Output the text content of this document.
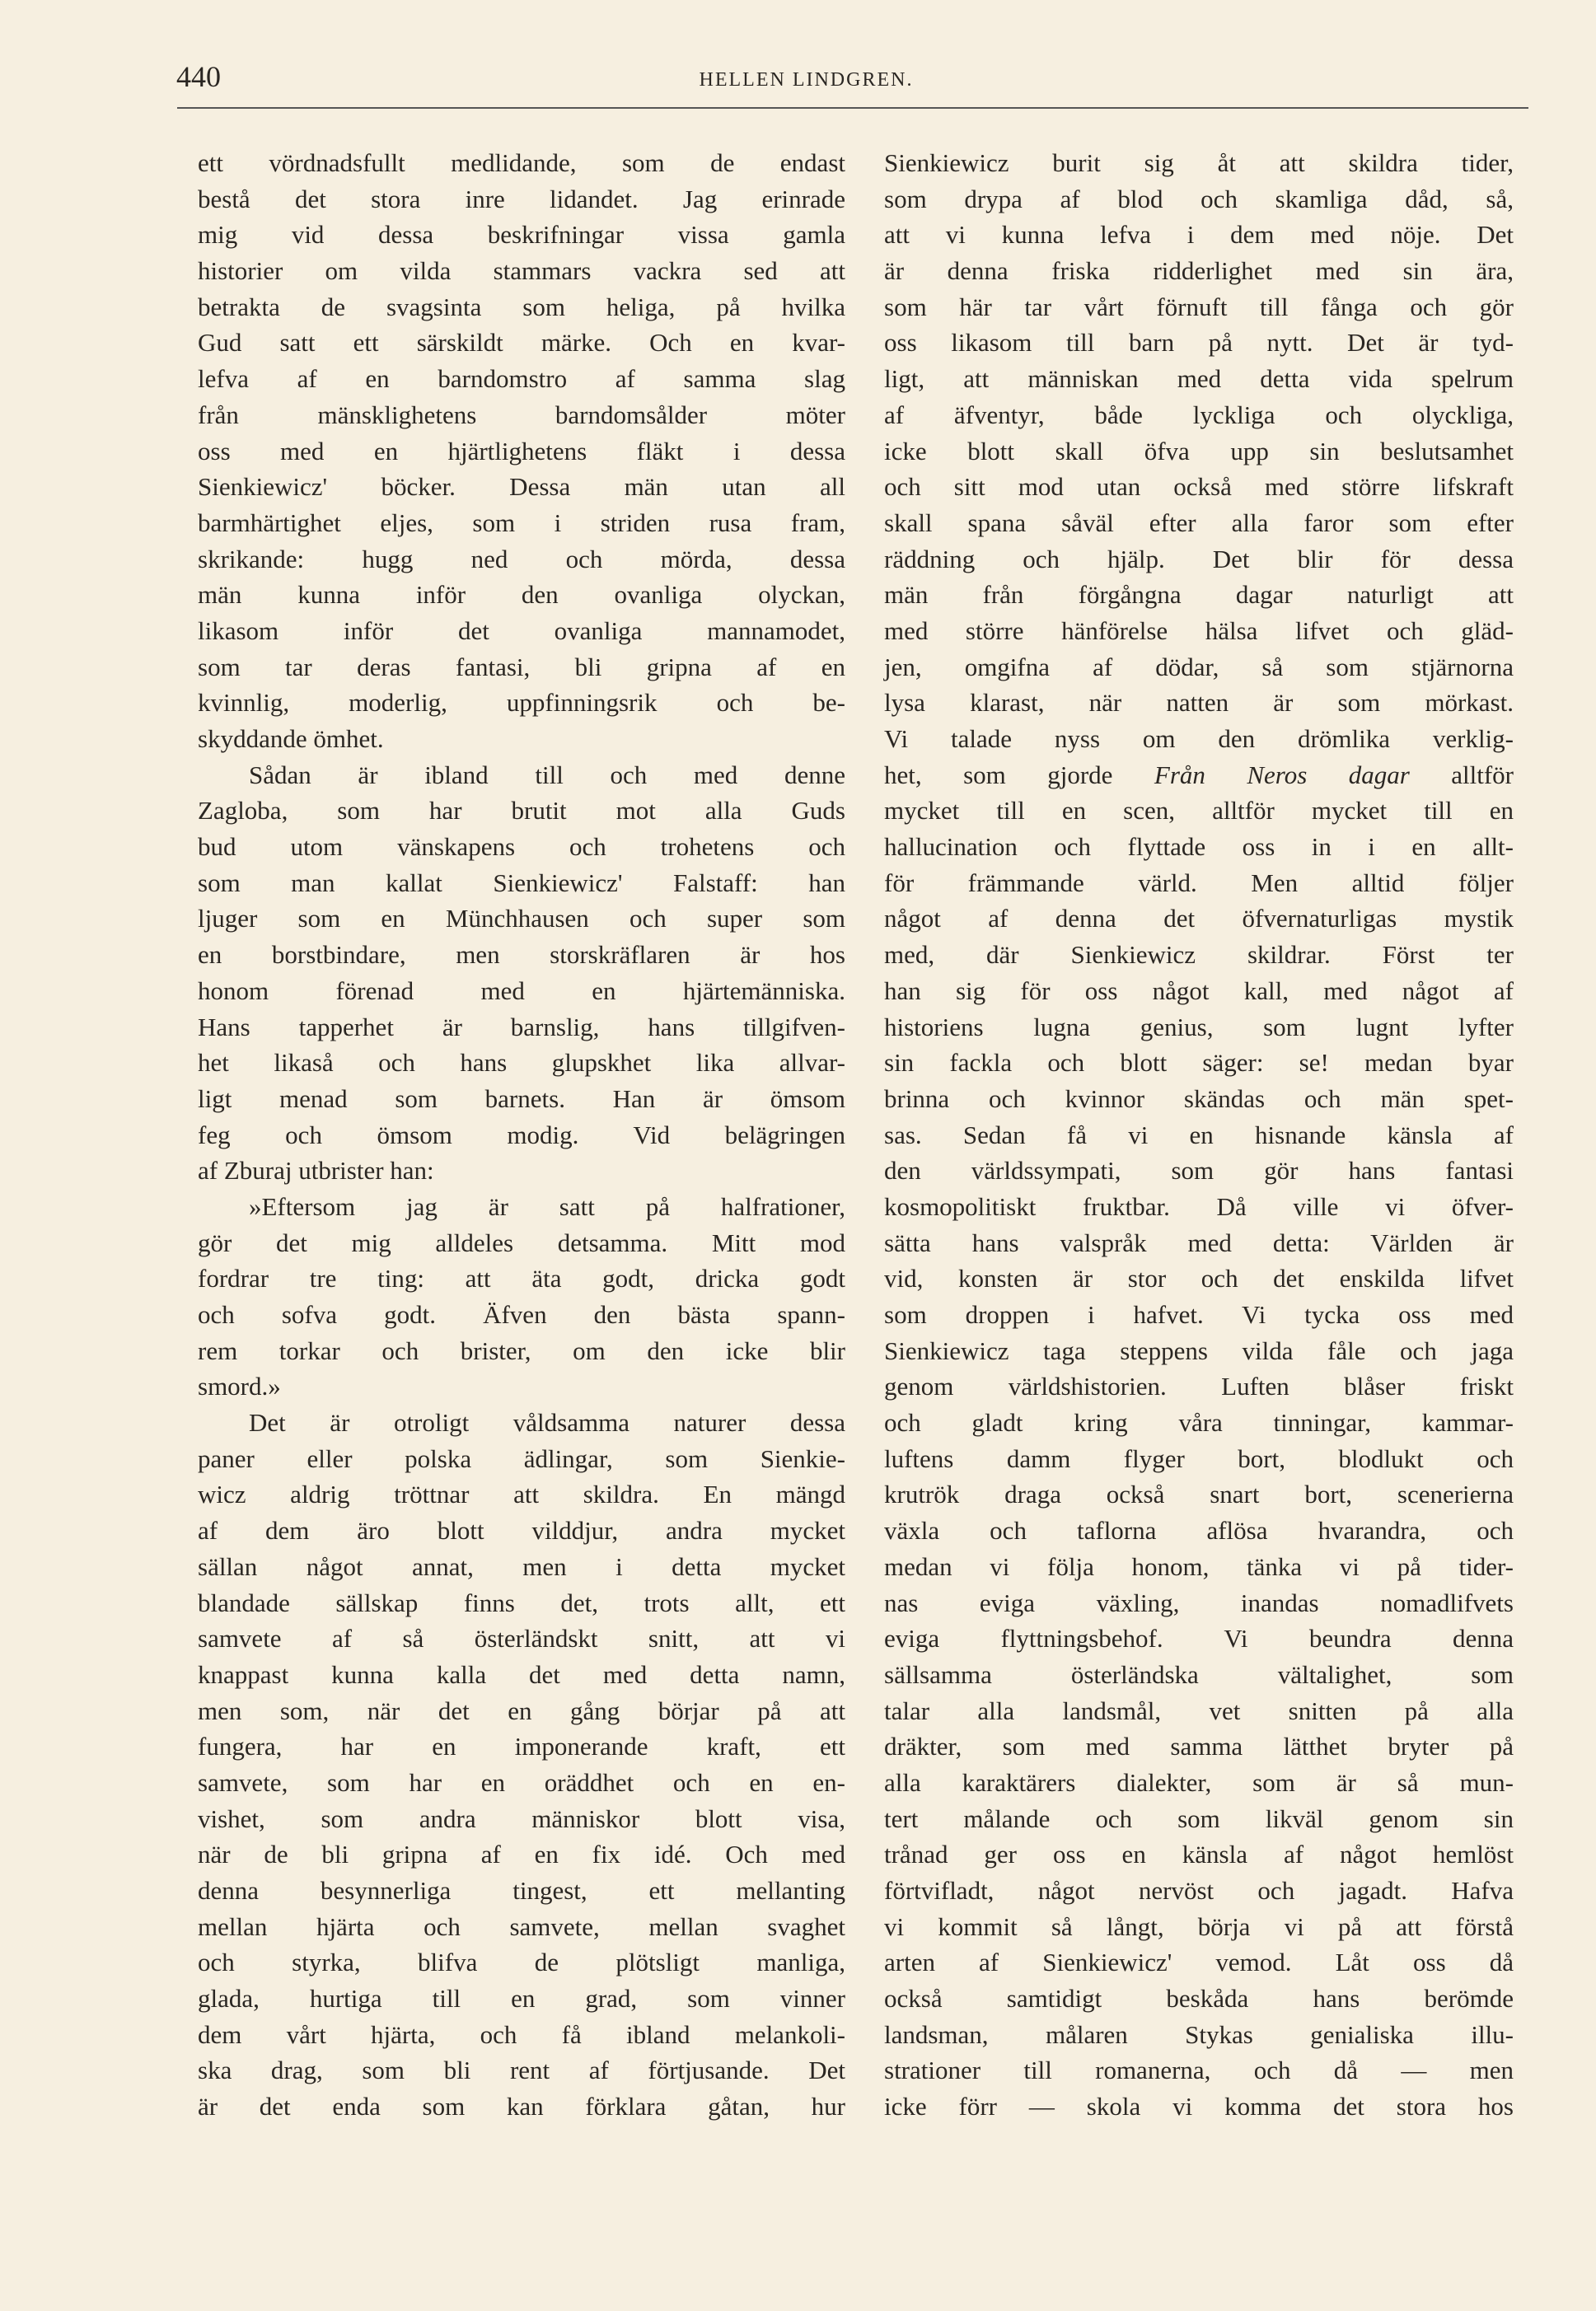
440	HELLEN LINDGREN.
ett vördnadsfullt medlidande, som de endast
bestå det stora inre lidandet. Jag erinrade
mig vid dessa beskrifningar vissa gamla
historier om vilda stammars vackra sed att
betrakta de svagsinta som heliga, på hvilka
Gud satt ett särskildt märke. Och en kvar-
lefva af en barndomstro af samma slag
från mänsklighetens barndomsålder möter
oss med en hjärtlighetens fläkt i dessa
Sienkiewicz' böcker. Dessa män utan all
barmhärtighet eljes, som i striden rusa fram,
skrikande: hugg ned och mörda, dessa
män kunna inför den ovanliga olyckan,
likasom inför det ovanliga mannamodet,
som tar deras fantasi, bli gripna af en
kvinnlig, moderlig, uppfinningsrik och be-
skyddande ömhet.
Sådan är ibland till och med denne
Zagloba, som har brutit mot alla Guds
bud utom vänskapens och trohetens och
som man kallat Sienkiewicz' Falstaff: han
ljuger som en Münchhausen och super som
en borstbindare, men storskräflaren är hos
honom förenad med en hjärtemänniska.
Hans tapperhet är barnslig, hans tillgifven-
het likaså och hans glupskhet lika allvar-
ligt menad som barnets. Han är ömsom
feg och ömsom modig. Vid belägringen
af Zburaj utbrister han:
»Eftersom jag är satt på halfrationer,
gör det mig alldeles detsamma. Mitt mod
fordrar tre ting: att äta godt, dricka godt
och sofva godt. Äfven den bästa spann-
rem torkar och brister, om den icke blir
smord.»
Det är otroligt våldsamma naturer dessa
paner eller polska ädlingar, som Sienkie-
wicz aldrig tröttnar att skildra. En mängd
af dem äro blott vilddjur, andra mycket
sällan något annat, men i detta mycket
blandade sällskap finns det, trots allt, ett
samvete af så österländskt snitt, att vi
knappast kunna kalla det med detta namn,
men som, när det en gång börjar på att
fungera, har en imponerande kraft, ett
samvete, som har en oräddhet och en en-
vishet, som andra människor blott visa,
när de bli gripna af en fix idé. Och med
denna besynnerliga tingest, ett mellanting
mellan hjärta och samvete, mellan svaghet
och styrka, blifva de plötsligt manliga,
glada, hurtiga till en grad, som vinner
dem vårt hjärta, och få ibland melankoli-
ska drag, som bli rent af förtjusande. Det
är det enda som kan förklara gåtan, hur
Sienkiewicz burit sig åt att skildra tider,
som drypa af blod och skamliga dåd, så,
att vi kunna lefva i dem med nöje. Det
är denna friska ridderlighet med sin ära,
som här tar vårt förnuft till fånga och gör
oss likasom till barn på nytt. Det är tyd-
ligt, att människan med detta vida spelrum
af äfventyr, både lyckliga och olyckliga,
icke blott skall öfva upp sin beslutsamhet
och sitt mod utan också med större lifskraft
skall spana såväl efter alla faror som efter
räddning och hjälp. Det blir för dessa
män från förgångna dagar naturligt att
med större hänförelse hälsa lifvet och gläd-
jen, omgifna af dödar, så som stjärnorna
lysa klarast, när natten är som mörkast.
Vi talade nyss om den drömlika verklig-
het, som gjorde Från Neros dagar alltför
mycket till en scen, alltför mycket till en
hallucination och flyttade oss in i en allt-
för främmande värld. Men alltid följer
något af denna det öfvernaturligas mystik
med, där Sienkiewicz skildrar. Först ter
han sig för oss något kall, med något af
historiens lugna genius, som lugnt lyfter
sin fackla och blott säger: se! medan byar
brinna och kvinnor skändas och män spet-
sas. Sedan få vi en hisnande känsla af
den världssympati, som gör hans fantasi
kosmopolitiskt fruktbar. Då ville vi öfver-
sätta hans valspråk med detta: Världen är
vid, konsten är stor och det enskilda lifvet
som droppen i hafvet. Vi tycka oss med
Sienkiewicz taga steppens vilda fåle och jaga
genom världshistorien. Luften blåser friskt
och gladt kring våra tinningar, kammar-
luftens damm flyger bort, blodlukt och
krutrök draga också snart bort, scenerierna
växla och taflorna aflösa hvarandra, och
medan vi följa honom, tänka vi på tider-
nas eviga växling, inandas nomadlifvets
eviga flyttningsbehof. Vi beundra denna
sällsamma österländska vältalighet, som
talar alla landsmål, vet snitten på alla
dräkter, som med samma lätthet bryter på
alla karaktärers dialekter, som är så mun-
tert målande och som likväl genom sin
trånad ger oss en känsla af något hemlöst
förtvifladt, något nervöst och jagadt. Hafva
vi kommit så långt, börja vi på att förstå
arten af Sienkiewicz' vemod. Låt oss då
också samtidigt beskåda hans berömde
landsman, målaren Stykas genialiska illu-
strationer till romanerna, och då — men
icke förr — skola vi komma det stora hos
